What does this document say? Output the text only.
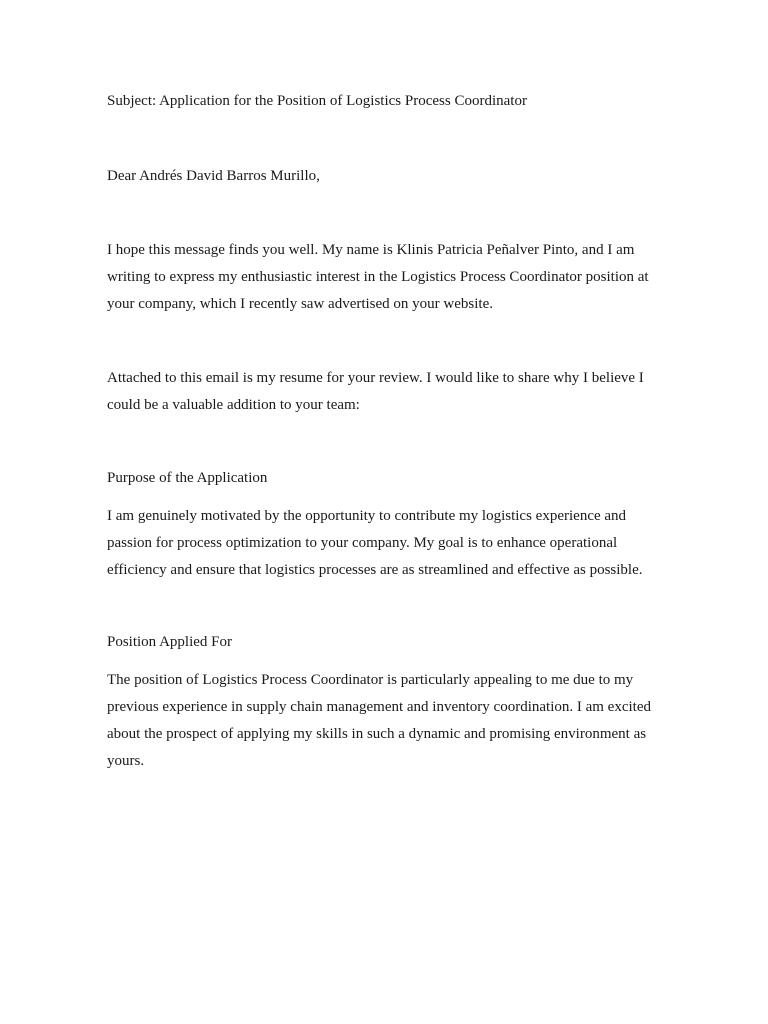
Subject: Application for the Position of Logistics Process Coordinator

Dear Andrés David Barros Murillo,

I hope this message finds you well. My name is Klinis Patricia Peñalver Pinto, and I am writing to express my enthusiastic interest in the Logistics Process Coordinator position at your company, which I recently saw advertised on your website.

Attached to this email is my resume for your review. I would like to share why I believe I could be a valuable addition to your team:

Purpose of the Application

I am genuinely motivated by the opportunity to contribute my logistics experience and passion for process optimization to your company. My goal is to enhance operational efficiency and ensure that logistics processes are as streamlined and effective as possible.

Position Applied For

The position of Logistics Process Coordinator is particularly appealing to me due to my previous experience in supply chain management and inventory coordination. I am excited about the prospect of applying my skills in such a dynamic and promising environment as yours.
